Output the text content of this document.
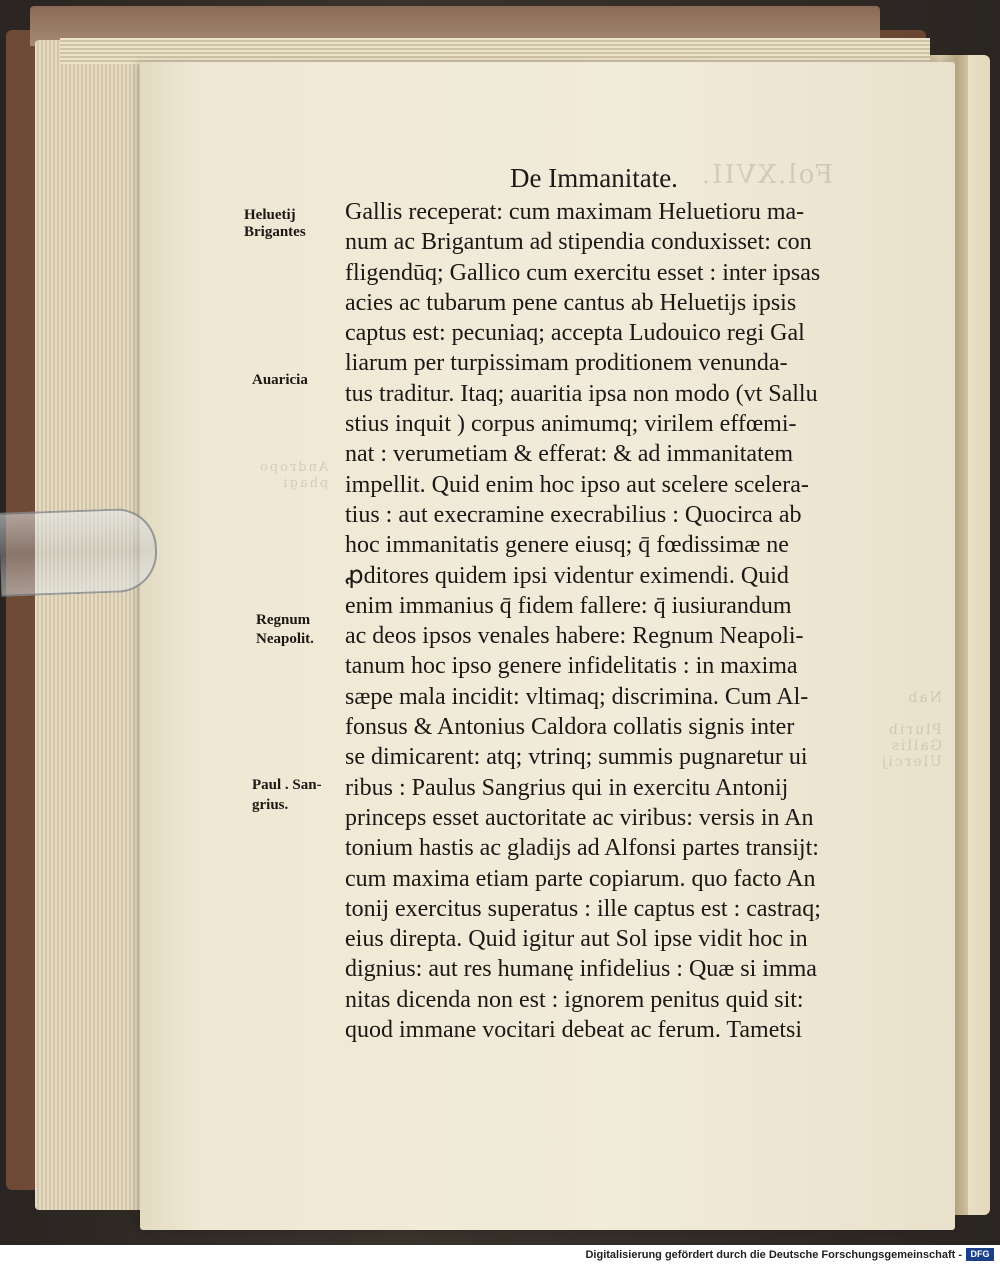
Fol.XVII.
Nab

Plurib
Gallis
Ulercij
Andropo
phagi
De Immanitate.
Gallis receperat: cum maximam Heluetioru ma-
num ac Brigantum ad stipendia conduxisset: con
fligendūq; Gallico cum exercitu esset : inter ipsas
acies ac tubarum pene cantus ab Heluetijs ipsis
captus est: pecuniaq; accepta Ludouico regi Gal
liarum per turpissimam proditionem venunda-
tus traditur. Itaq; auaritia ipsa non modo (vt Sallu
stius inquit ) corpus animumq; virilem effœmi-
nat : verumetiam & efferat: & ad immanitatem
impellit. Quid enim hoc ipso aut scelere scelera-
tius : aut execramine execrabilius : Quocirca ab
hoc immanitatis genere eiusq; q̄ fœdissimæ ne
ꝓditores quidem ipsi videntur eximendi. Quid
enim immanius q̄ fidem fallere: q̄ iusiurandum
ac deos ipsos venales habere: Regnum Neapoli-
tanum hoc ipso genere infidelitatis : in maxima
sæpe mala incidit: vltimaq; discrimina. Cum Al-
fonsus & Antonius Caldora collatis signis inter
se dimicarent: atq; vtrinq; summis pugnaretur ui
ribus : Paulus Sangrius qui in exercitu Antonij
princeps esset auctoritate ac viribus: versis in An
tonium hastis ac gladijs ad Alfonsi partes transijt:
cum maxima etiam parte copiarum. quo facto An
tonij exercitus superatus : ille captus est : castraq;
eius direpta. Quid igitur aut Sol ipse vidit hoc in
dignius: aut res humanę infidelius : Quæ si imma
nitas dicenda non est : ignorem penitus quid sit:
quod immane vocitari debeat ac ferum. Tametsi
Heluetij
Brigantes
Auaricia
Regnum
Neapolit.
Paul . San-
grius.
Digitalisierung gefördert durch die Deutsche Forschungsgemeinschaft - DFG
